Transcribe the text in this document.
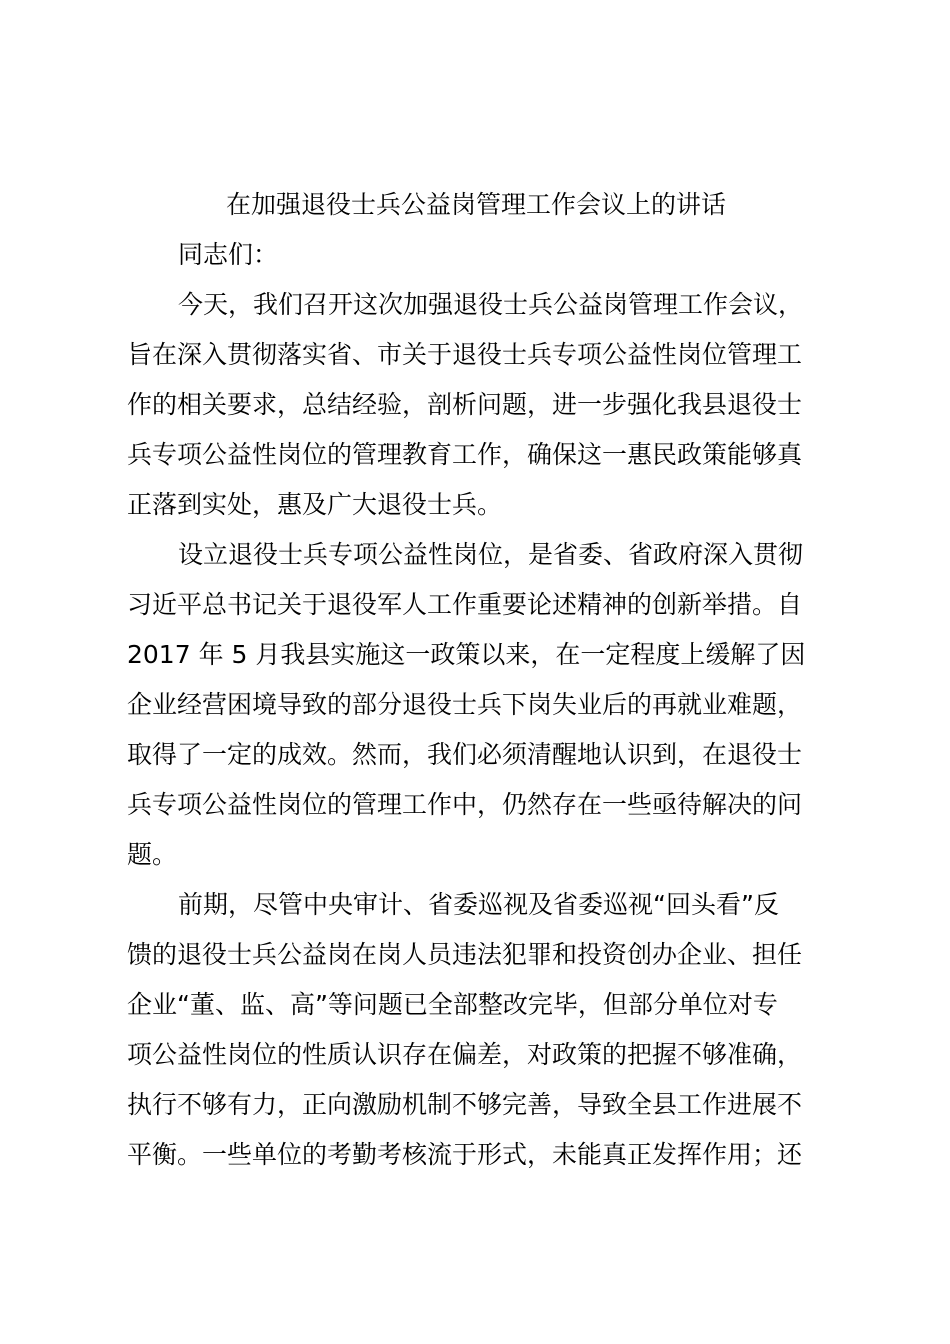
在加强退役士兵公益岗管理工作会议上的讲话

同志们：

今天，我们召开这次加强退役士兵公益岗管理工作会议，

旨在深入贯彻落实省、市关于退役士兵专项公益性岗位管理工

作的相关要求，总结经验，剖析问题，进一步强化我县退役士

兵专项公益性岗位的管理教育工作，确保这一惠民政策能够真

正落到实处，惠及广大退役士兵。

设立退役士兵专项公益性岗位，是省委、省政府深入贯彻

习近平总书记关于退役军人工作重要论述精神的创新举措。自

2017 年 5 月我县实施这一政策以来，在一定程度上缓解了因

企业经营困境导致的部分退役士兵下岗失业后的再就业难题，

取得了一定的成效。然而，我们必须清醒地认识到，在退役士

兵专项公益性岗位的管理工作中，仍然存在一些亟待解决的问

题。

前期，尽管中央审计、省委巡视及省委巡视“回头看”反

馈的退役士兵公益岗在岗人员违法犯罪和投资创办企业、担任

企业“董、监、高”等问题已全部整改完毕，但部分单位对专

项公益性岗位的性质认识存在偏差，对政策的把握不够准确，

执行不够有力，正向激励机制不够完善，导致全县工作进展不

平衡。一些单位的考勤考核流于形式，未能真正发挥作用；还
